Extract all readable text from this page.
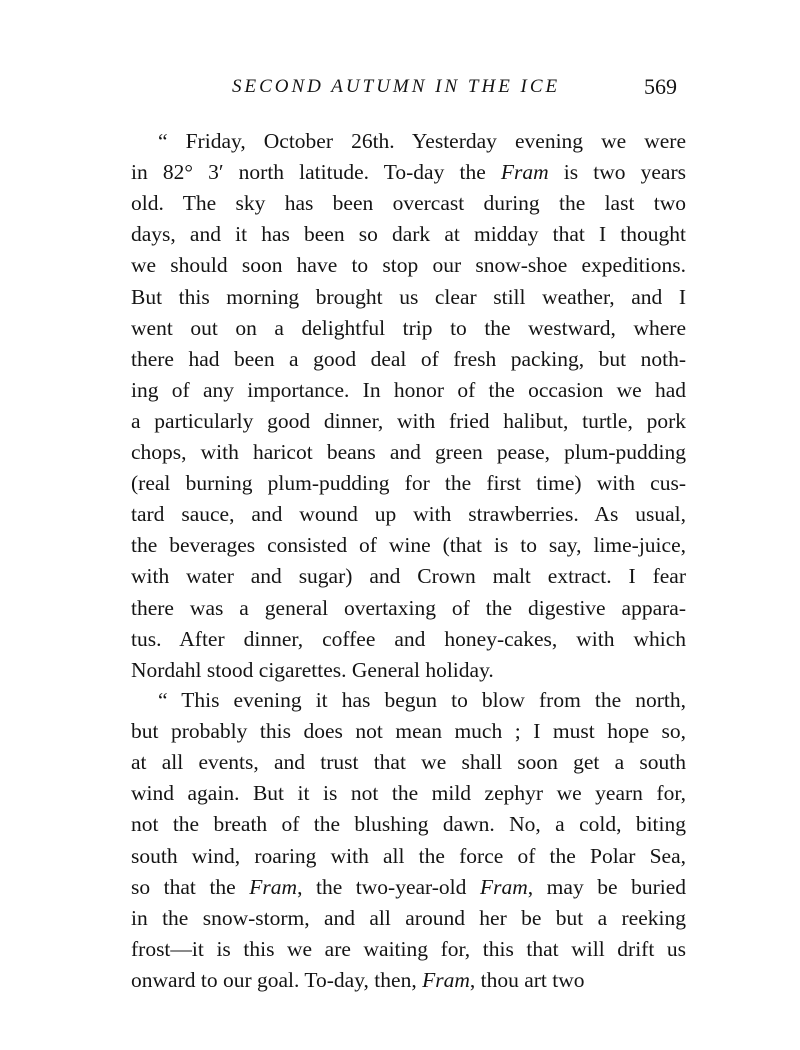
SECOND AUTUMN IN THE ICE	569
“ Friday, October 26th. Yesterday evening we were
in 82° 3′ north latitude. To-day the Fram is two years
old. The sky has been overcast during the last two
days, and it has been so dark at midday that I thought
we should soon have to stop our snow-shoe expeditions.
But this morning brought us clear still weather, and I
went out on a delightful trip to the westward, where
there had been a good deal of fresh packing, but noth-
ing of any importance. In honor of the occasion we had
a particularly good dinner, with fried halibut, turtle, pork
chops, with haricot beans and green pease, plum-pudding
(real burning plum-pudding for the first time) with cus-
tard sauce, and wound up with strawberries. As usual,
the beverages consisted of wine (that is to say, lime-juice,
with water and sugar) and Crown malt extract. I fear
there was a general overtaxing of the digestive appara-
tus. After dinner, coffee and honey-cakes, with which
Nordahl stood cigarettes. General holiday.
“ This evening it has begun to blow from the north,
but probably this does not mean much ; I must hope so,
at all events, and trust that we shall soon get a south
wind again. But it is not the mild zephyr we yearn for,
not the breath of the blushing dawn. No, a cold, biting
south wind, roaring with all the force of the Polar Sea,
so that the Fram, the two-year-old Fram, may be buried
in the snow-storm, and all around her be but a reeking
frost—it is this we are waiting for, this that will drift us
onward to our goal. To-day, then, Fram, thou art two
